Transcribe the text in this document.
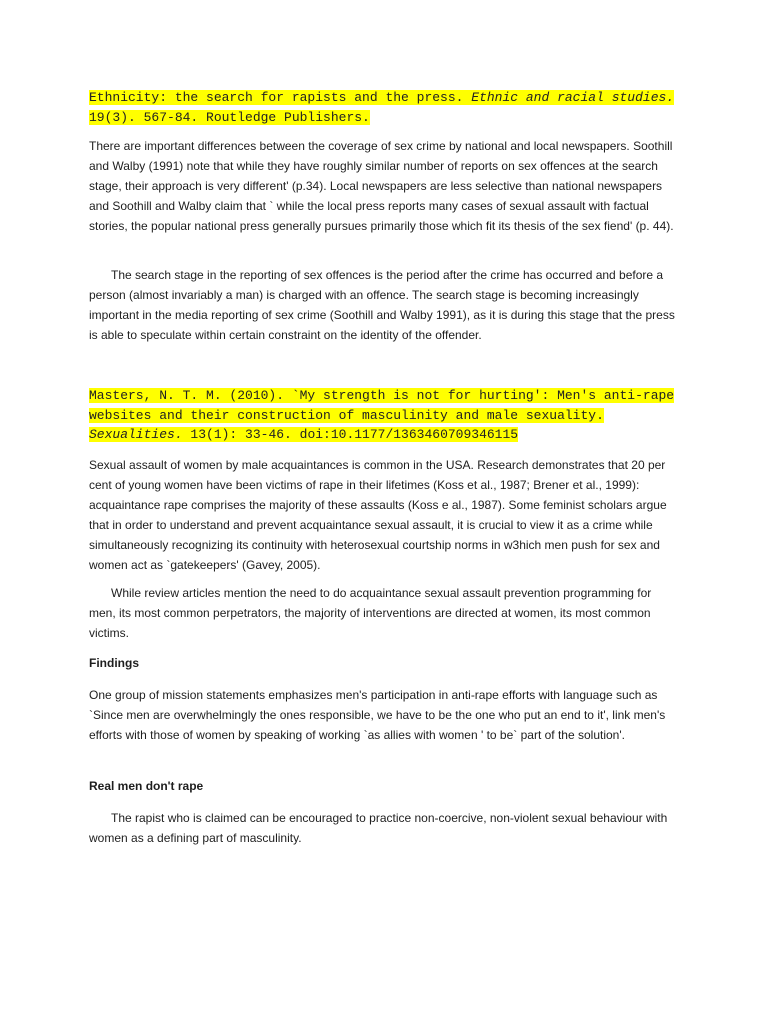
Ethnicity: the search for rapists and the press. Ethnic and racial studies. 19(3). 567-84. Routledge Publishers.

There are important differences between the coverage of sex crime by national and local newspapers. Soothill and Walby (1991) note that while they have roughly similar number of reports on sex offences at the search stage, their approach is very different' (p.34). Local newspapers are less selective than national newspapers and Soothill and Walby claim that ` while the local press reports many cases of sexual assault with factual stories, the popular national press generally pursues primarily those which fit its thesis of the sex fiend' (p. 44).

The search stage in the reporting of sex offences is the period after the crime has occurred and before a person (almost invariably a man) is charged with an offence. The search stage is becoming increasingly important in the media reporting of sex crime (Soothill and Walby 1991), as it is during this stage that the press is able to speculate within certain constraint on the identity of the offender.

Masters, N. T. M. (2010). `My strength is not for hurting': Men's anti-rape websites and their construction of masculinity and male sexuality. Sexualities. 13(1): 33-46. doi:10.1177/1363460709346115

Sexual assault of women by male acquaintances is common in the USA. Research demonstrates that 20 per cent of young women have been victims of rape in their lifetimes (Koss et al., 1987; Brener et al., 1999): acquaintance rape comprises the majority of these assaults (Koss e al., 1987). Some feminist scholars argue that in order to understand and prevent acquaintance sexual assault, it is crucial to view it as a crime while simultaneously recognizing its continuity with heterosexual courtship norms in w3hich men push for sex and women act as `gatekeepers' (Gavey, 2005).

While review articles mention the need to do acquaintance sexual assault prevention programming for men, its most common perpetrators, the majority of interventions are directed at women, its most common victims.

Findings

One group of mission statements emphasizes men's participation in anti-rape efforts with language such as `Since men are overwhelmingly the ones responsible, we have to be the one who put an end to it', link men's efforts with those of women by speaking of working `as allies with women ' to be` part of the solution'.

Real men don't rape

The rapist who is claimed can be encouraged to practice non-coercive, non-violent sexual behaviour with women as a defining part of masculinity.
